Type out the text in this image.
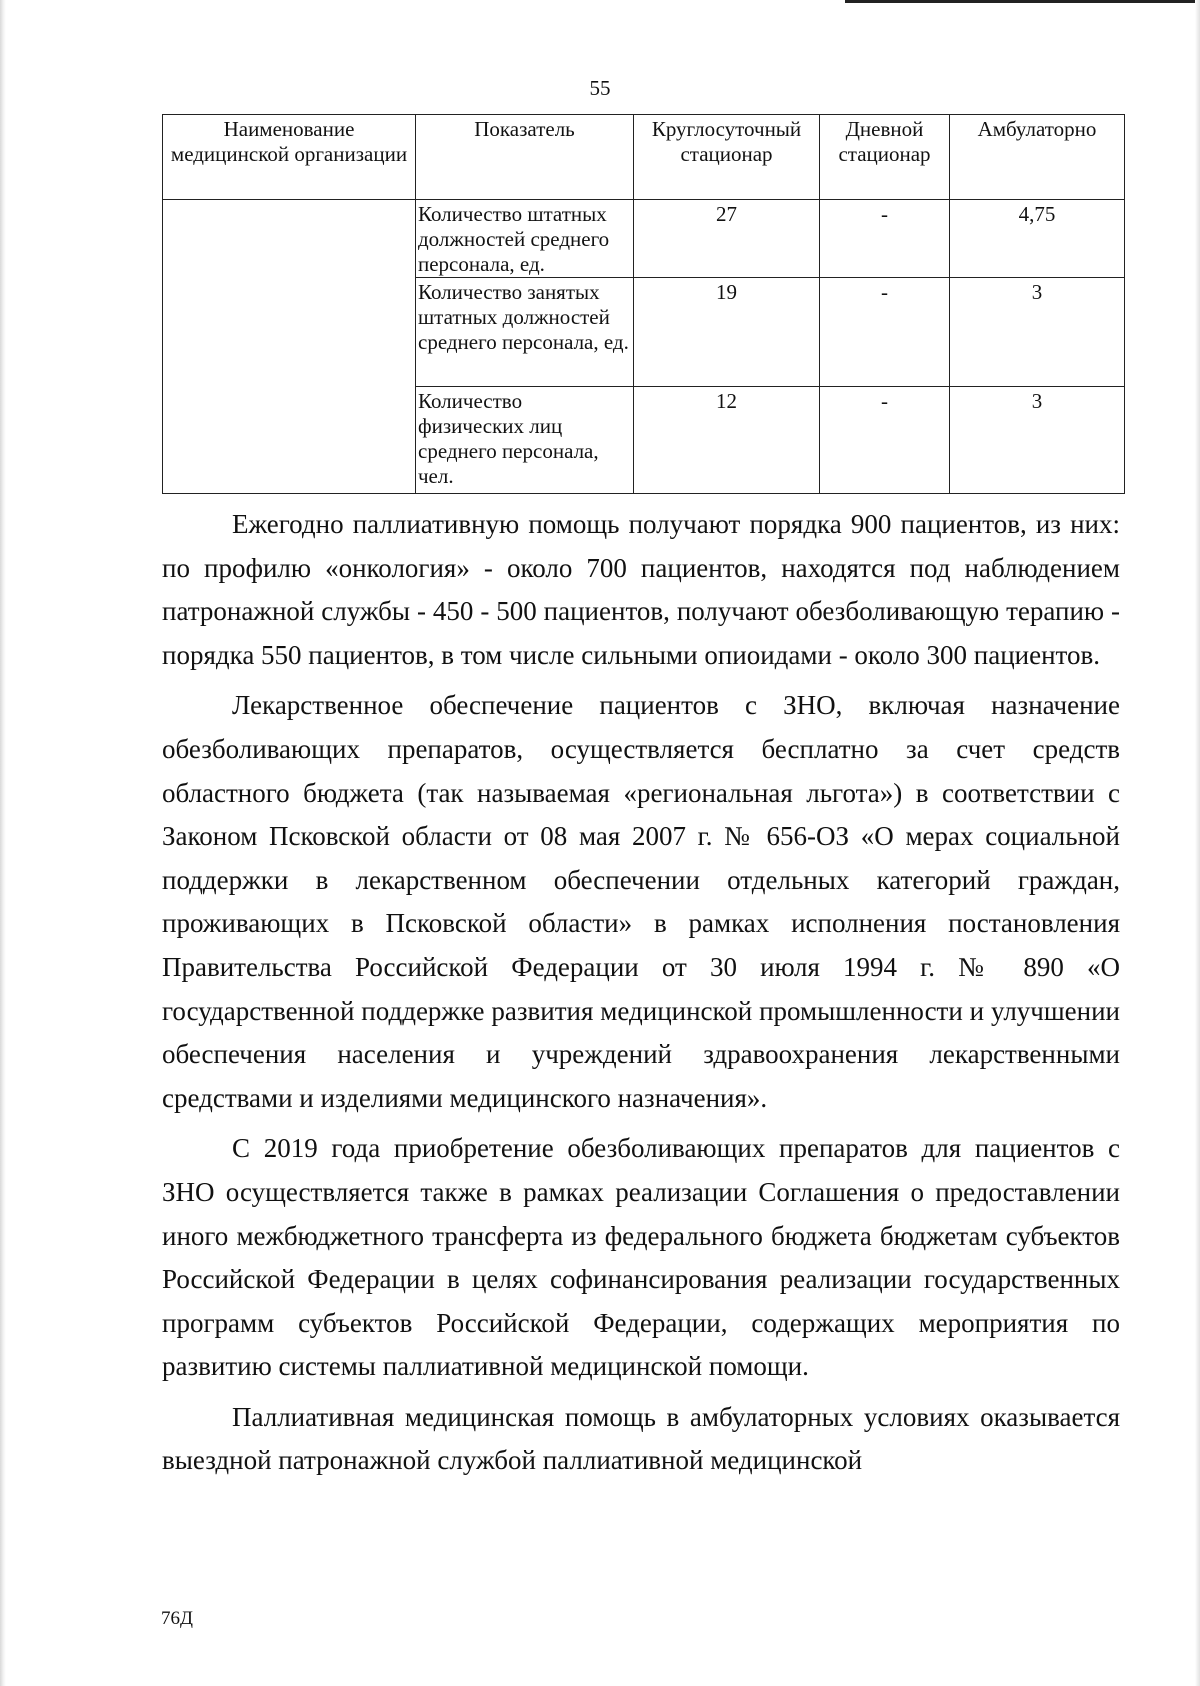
55
Наименование медицинской организации	Показатель	Круглосуточный стационар	Дневной стационар	Амбулаторно
	Количество штатных должностей среднего персонала, ед.	27	-	4,75
	Количество занятых штатных должностей среднего персонала, ед.	19	-	3
	Количество физических лиц среднего персонала, чел.	12	-	3

Ежегодно паллиативную помощь получают порядка 900 пациентов, из них: по профилю «онкология» - около 700 пациентов, находятся под наблюдением патронажной службы - 450 - 500 пациентов, получают обезболивающую терапию - порядка 550 пациентов, в том числе сильными опиоидами - около 300 пациентов.

Лекарственное обеспечение пациентов с ЗНО, включая назначение обезболивающих препаратов, осуществляется бесплатно за счет средств областного бюджета (так называемая «региональная льгота») в соответствии с Законом Псковской области от 08 мая 2007 г. № 656-ОЗ «О мерах социальной поддержки в лекарственном обеспечении отдельных категорий граждан, проживающих в Псковской области» в рамках исполнения постановления Правительства Российской Федерации от 30 июля 1994 г. № 890 «О государственной поддержке развития медицинской промышленности и улучшении обеспечения населения и учреждений здравоохранения лекарственными средствами и изделиями медицинского назначения».

С 2019 года приобретение обезболивающих препаратов для пациентов с ЗНО осуществляется также в рамках реализации Соглашения о предоставлении иного межбюджетного трансферта из федерального бюджета бюджетам субъектов Российской Федерации в целях софинансирования реализации государственных программ субъектов Российской Федерации, содержащих мероприятия по развитию системы паллиативной медицинской помощи.

Паллиативная медицинская помощь в амбулаторных условиях оказывается выездной патронажной службой паллиативной медицинской

76Д
